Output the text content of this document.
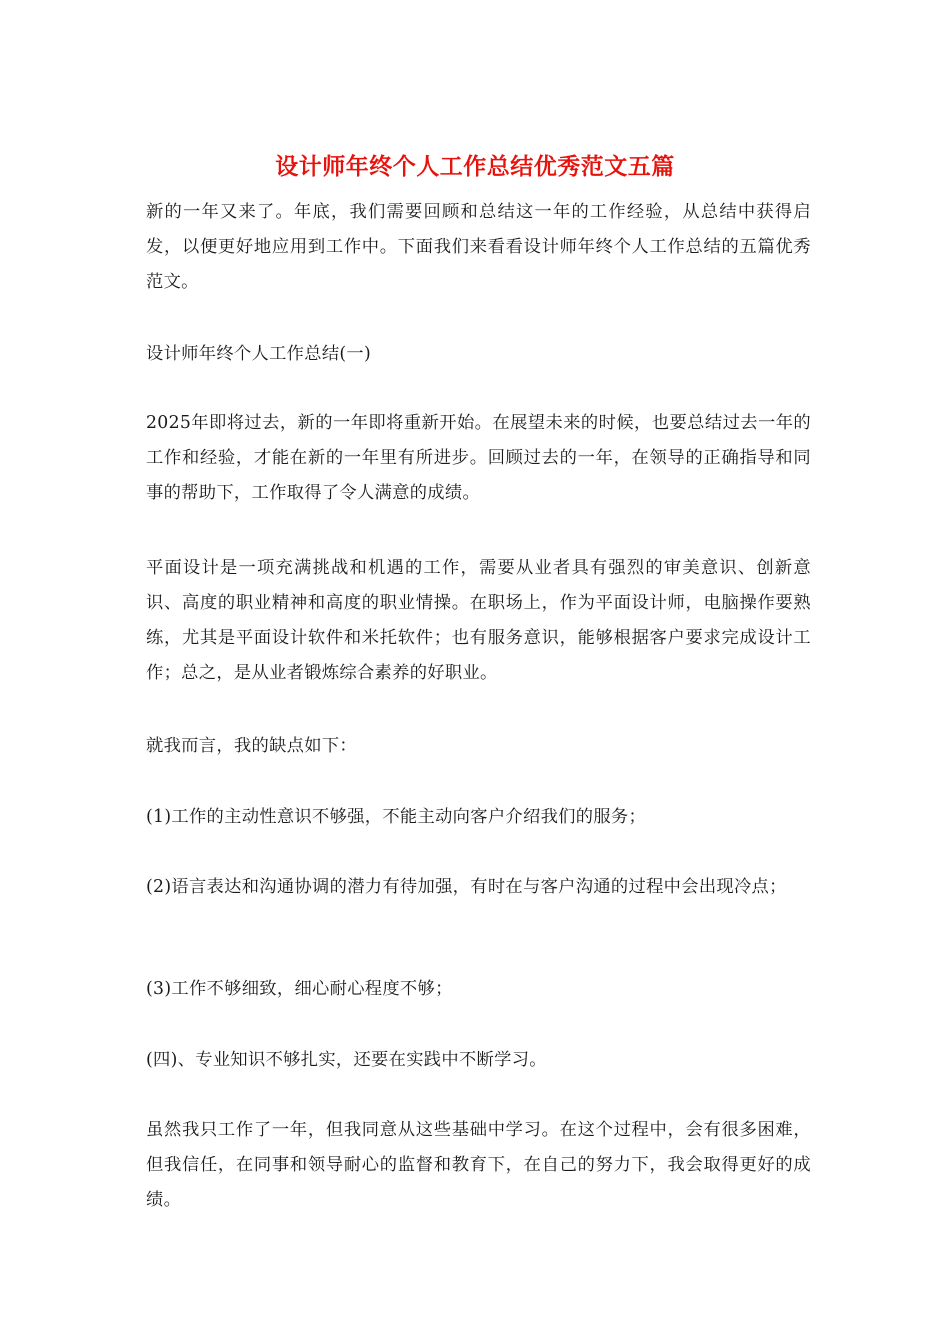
设计师年终个人工作总结优秀范文五篇

新的一年又来了。年底，我们需要回顾和总结这一年的工作经验，从总结中获得启发，以便更好地应用到工作中。下面我们来看看设计师年终个人工作总结的五篇优秀范文。

设计师年终个人工作总结(一)

2025年即将过去，新的一年即将重新开始。在展望未来的时候，也要总结过去一年的工作和经验，才能在新的一年里有所进步。回顾过去的一年，在领导的正确指导和同事的帮助下，工作取得了令人满意的成绩。

平面设计是一项充满挑战和机遇的工作，需要从业者具有强烈的审美意识、创新意识、高度的职业精神和高度的职业情操。在职场上，作为平面设计师，电脑操作要熟练，尤其是平面设计软件和米托软件；也有服务意识，能够根据客户要求完成设计工作；总之，是从业者锻炼综合素养的好职业。

就我而言，我的缺点如下：

(1)工作的主动性意识不够强，不能主动向客户介绍我们的服务；

(2)语言表达和沟通协调的潜力有待加强，有时在与客户沟通的过程中会出现冷点；

(3)工作不够细致，细心耐心程度不够；

(四)、专业知识不够扎实，还要在实践中不断学习。

虽然我只工作了一年，但我同意从这些基础中学习。在这个过程中，会有很多困难，但我信任，在同事和领导耐心的监督和教育下，在自己的努力下，我会取得更好的成绩。
